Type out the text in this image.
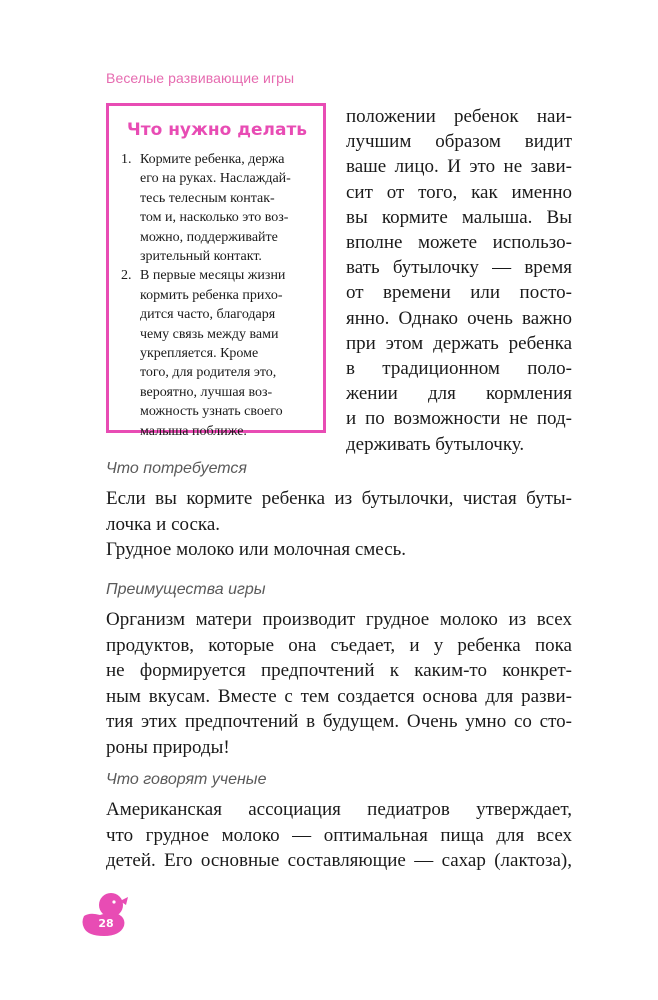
Веселые развивающие игры
Что нужно делать
1. Кормите ребенка, держа
его на руках. Наслаждай-
тесь телесным контак-
том и, насколько это воз-
можно, поддерживайте
зрительный контакт.
2. В первые месяцы жизни
кормить ребенка прихо-
дится часто, благодаря
чему связь между вами
укрепляется. Кроме
того, для родителя это,
вероятно, лучшая воз-
можность узнать своего
малыша поближе.
положении ребенок наи-
лучшим образом видит
ваше лицо. И это не зави-
сит от того, как именно
вы кормите малыша. Вы
вполне можете использо-
вать бутылочку — время
от времени или посто-
янно. Однако очень важно
при этом держать ребенка
в традиционном поло-
жении для кормления
и по возможности не под-
держивать бутылочку.
Что потребуется
Если вы кормите ребенка из бутылочки, чистая буты-
лочка и соска.
Грудное молоко или молочная смесь.
Преимущества игры
Организм матери производит грудное молоко из всех
продуктов, которые она съедает, и у ребенка пока
не формируется предпочтений к каким-то конкрет-
ным вкусам. Вместе с тем создается основа для разви-
тия этих предпочтений в будущем. Очень умно со сто-
роны природы!
Что говорят ученые
Американская ассоциация педиатров утверждает,
что грудное молоко — оптимальная пища для всех
детей. Его основные составляющие — сахар (лактоза),
28
